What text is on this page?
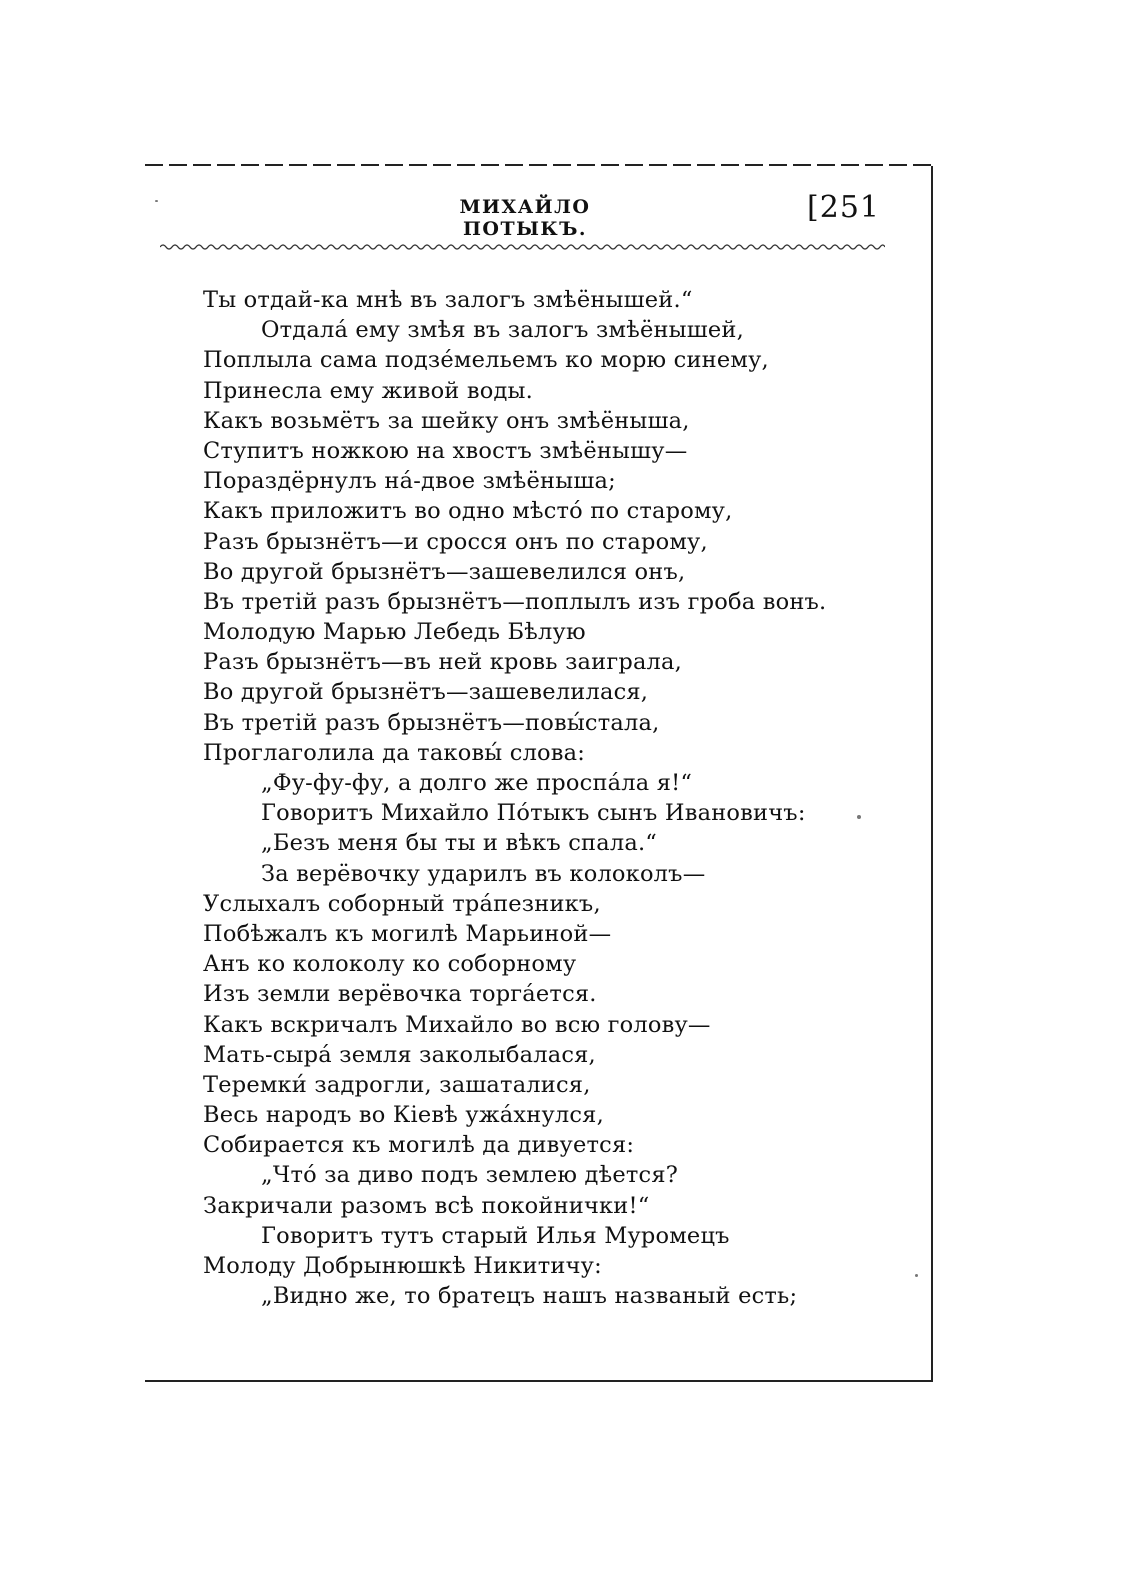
МИХАЙЛО ПОТЫКЪ.
[251
Ты отдай-ка мнѣ въ залогъ змѣёнышей.“
Отдалá ему змѣя въ залогъ змѣёнышей,
Поплыла сама подзéмельемъ ко морю синему,
Принесла ему живой воды.
Какъ возьмётъ за шейку онъ змѣёныша,
Ступитъ ножкою на хвостъ змѣёнышу—
Пораздёрнулъ нá-двое змѣёныша;
Какъ приложитъ во одно мѣстó по старому,
Разъ брызнётъ—и сросся онъ по старому,
Во другой брызнётъ—зашевелился онъ,
Въ третій разъ брызнётъ—поплылъ изъ гроба вонъ.
Молодую Марью Лебедь Бѣлую
Разъ брызнётъ—въ ней кровь заиграла,
Во другой брызнётъ—зашевелилася,
Въ третій разъ брызнётъ—повы́стала,
Проглаголила да таковы́ слова:
„Фу-фу-фу, а долго же проспáла я!“
Говоритъ Михайло Пóтыкъ сынъ Ивановичъ:
„Безъ меня бы ты и вѣкъ спала.“
За верёвочку ударилъ въ колоколъ—
Услыхалъ соборный трáпезникъ,
Побѣжалъ къ могилѣ Марьиной—
Анъ ко колоколу ко соборному
Изъ земли верёвочка торгáется.
Какъ вскричалъ Михайло во всю голову—
Мать-сырá земля заколыбалася,
Теремки́ задрогли, зашаталися,
Весь народъ во Кіевѣ ужáхнулся,
Собирается къ могилѣ да дивуется:
„Чтó за диво подъ землею дѣется?
Закричали разомъ всѣ покойнички!“
Говоритъ тутъ старый Илья Муромецъ
Молоду Добрынюшкѣ Никитичу:
„Видно же, то братецъ нашъ названый есть;
